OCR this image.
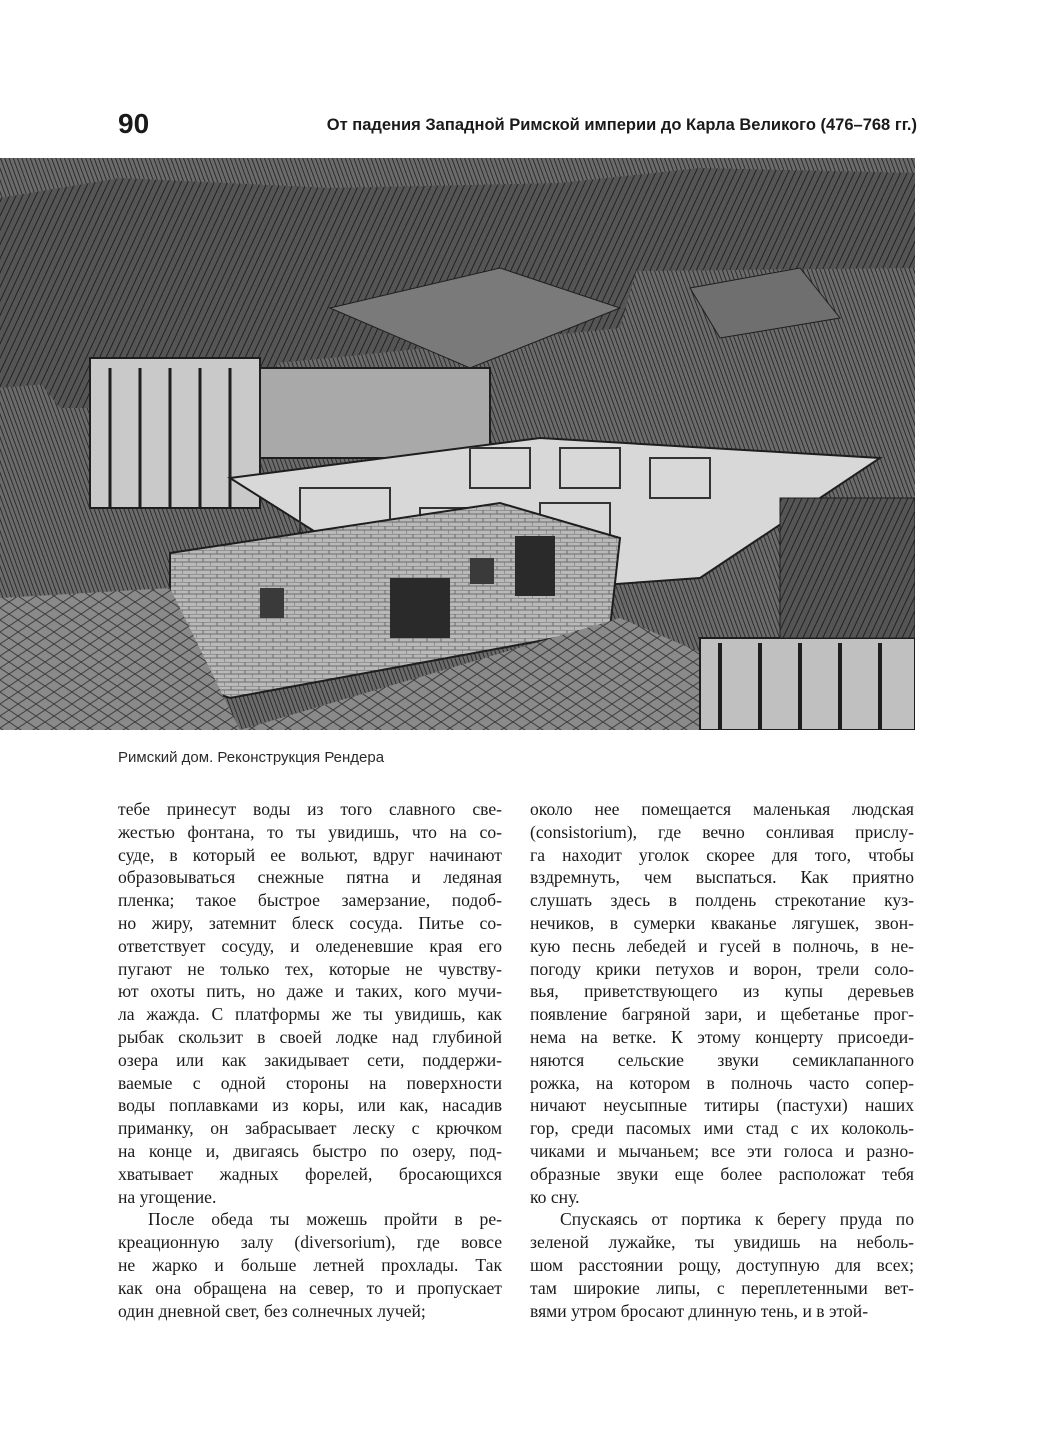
90	От падения Западной Римской империи до Карла Великого (476–768 гг.)
Римский дом. Реконструкция Рендера
тебе принесут воды из того славного све-
жестью фонтана, то ты увидишь, что на со-
суде, в который ее вольют, вдруг начинают
образовываться снежные пятна и ледяная
пленка; такое быстрое замерзание, подоб-
но жиру, затемнит блеск сосуда. Питье со-
ответствует сосуду, и оледеневшие края его
пугают не только тех, которые не чувству-
ют охоты пить, но даже и таких, кого мучи-
ла жажда. С платформы же ты увидишь, как
рыбак скользит в своей лодке над глубиной
озера или как закидывает сети, поддержи-
ваемые с одной стороны на поверхности
воды поплавками из коры, или как, насадив
приманку, он забрасывает леску с крючком
на конце и, двигаясь быстро по озеру, под-
хватывает жадных форелей, бросающихся
на угощение.
После обеда ты можешь пройти в ре-
креационную залу (diversorium), где вовсе
не жарко и больше летней прохлады. Так
как она обращена на север, то и пропускает
один дневной свет, без солнечных лучей;
около нее помещается маленькая людская
(consistorium), где вечно сонливая прислу-
га находит уголок скорее для того, чтобы
вздремнуть, чем выспаться. Как приятно
слушать здесь в полдень стрекотание куз-
нечиков, в сумерки кваканье лягушек, звон-
кую песнь лебедей и гусей в полночь, в не-
погоду крики петухов и ворон, трели соло-
вья, приветствующего из купы деревьев
появление багряной зари, и щебетанье прог-
нема на ветке. К этому концерту присоеди-
няются сельские звуки семиклапанного
рожка, на котором в полночь часто сопер-
ничают неусыпные титиры (пастухи) наших
гор, среди пасомых ими стад с их колоколь-
чиками и мычаньем; все эти голоса и разно-
образные звуки еще более расположат тебя
ко сну.
Спускаясь от портика к берегу пруда по
зеленой лужайке, ты увидишь на неболь-
шом расстоянии рощу, доступную для всех;
там широкие липы, с переплетенными вет-
вями утром бросают длинную тень, и в этой-
